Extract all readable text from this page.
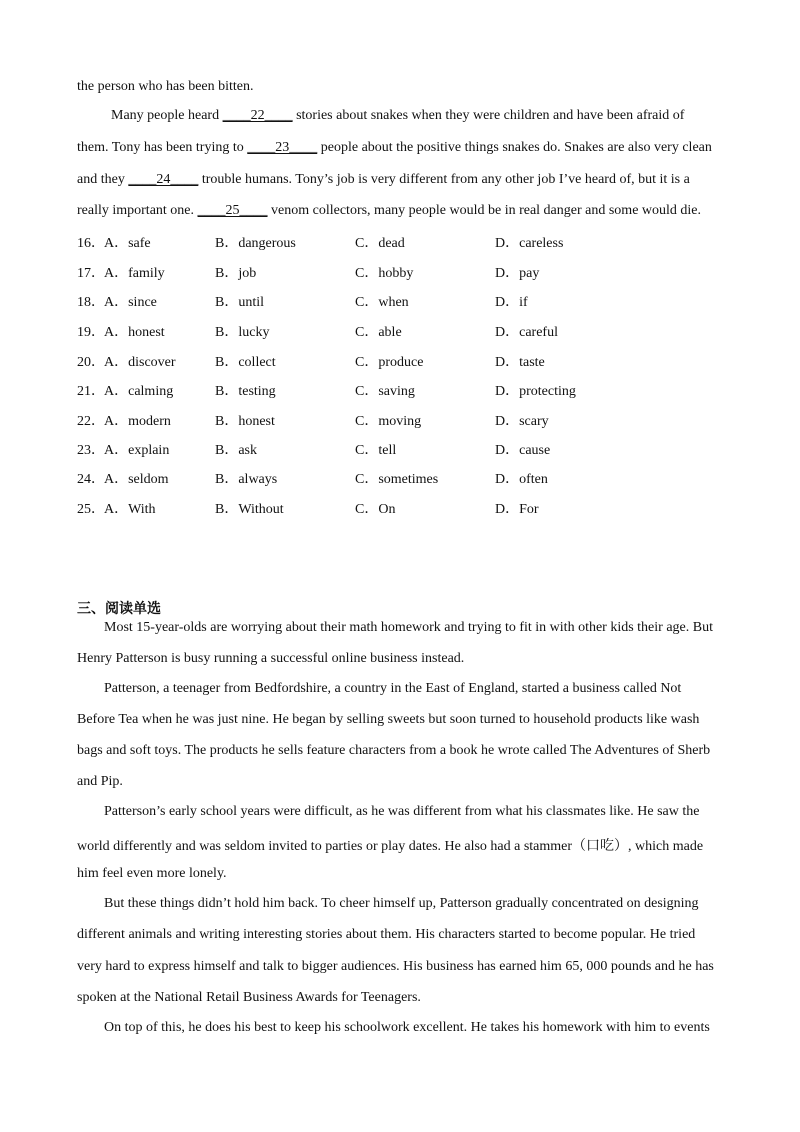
the person who has been bitten.
Many people heard ____22____ stories about snakes when they were children and have been afraid of
them. Tony has been trying to ____23____ people about the positive things snakes do. Snakes are also very clean
and they ____24____ trouble humans. Tony’s job is very different from any other job I’ve heard of, but it is a
really important one. ____25____ venom collectors, many people would be in real danger and some would die.
16． A．safe	B．dangerous	C．dead	D．careless
17． A．family	B．job	C．hobby	D．pay
18． A．since	B．until	C．when	D．if
19． A．honest	B．lucky	C．able	D．careful
20． A．discover	B．collect	C．produce	D．taste
21． A．calming	B．testing	C．saving	D．protecting
22． A．modern	B．honest	C．moving	D．scary
23． A．explain	B．ask	C．tell	D．cause
24． A．seldom	B．always	C．sometimes	D．often
25． A．With	B．Without	C．On	D．For
三、阅读单选
Most 15-year-olds are worrying about their math homework and trying to fit in with other kids their age. But
Henry Patterson is busy running a successful online business instead.
Patterson, a teenager from Bedfordshire, a country in the East of England, started a business called Not
Before Tea when he was just nine. He began by selling sweets but soon turned to household products like wash
bags and soft toys. The products he sells feature characters from a book he wrote called The Adventures of Sherb
and Pip.
Patterson’s early school years were difficult, as he was different from what his classmates like. He saw the
world differently and was seldom invited to parties or play dates. He also had a stammer（口吃）, which made
him feel even more lonely.
But these things didn’t hold him back. To cheer himself up, Patterson gradually concentrated on designing
different animals and writing interesting stories about them. His characters started to become popular. He tried
very hard to express himself and talk to bigger audiences. His business has earned him 65, 000 pounds and he has
spoken at the National Retail Business Awards for Teenagers.
On top of this, he does his best to keep his schoolwork excellent. He takes his homework with him to events
